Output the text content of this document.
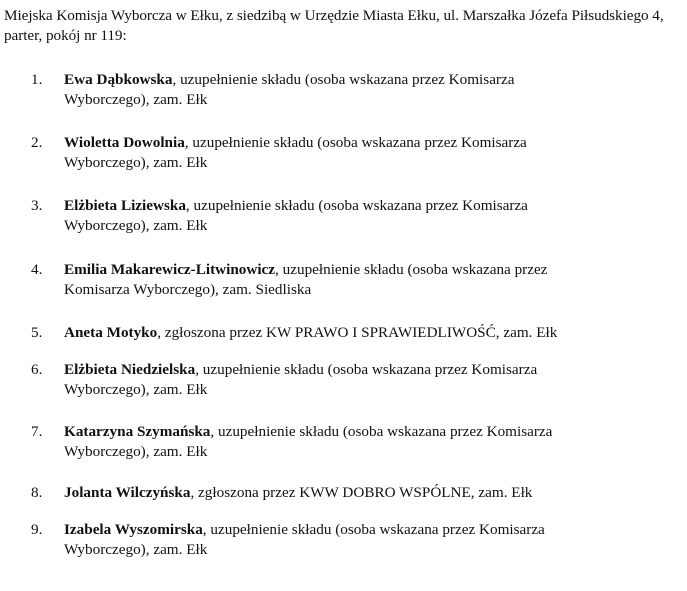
Miejska Komisja Wyborcza w Ełku, z siedzibą w Urzędzie Miasta Ełku, ul. Marszałka Józefa Piłsudskiego 4, parter, pokój nr 119:
1.	Ewa Dąbkowska, uzupełnienie składu (osoba wskazana przez Komisarza
Wyborczego), zam. Ełk
2.	Wioletta Dowolnia, uzupełnienie składu (osoba wskazana przez Komisarza
Wyborczego), zam. Ełk
3.	Elżbieta Liziewska, uzupełnienie składu (osoba wskazana przez Komisarza
Wyborczego), zam. Ełk
4.	Emilia Makarewicz-Litwinowicz, uzupełnienie składu (osoba wskazana przez
Komisarza Wyborczego), zam. Siedliska
5.	Aneta Motyko, zgłoszona przez KW PRAWO I SPRAWIEDLIWOŚĆ, zam. Ełk
6.	Elżbieta Niedzielska, uzupełnienie składu (osoba wskazana przez Komisarza
Wyborczego), zam. Ełk
7.	Katarzyna Szymańska, uzupełnienie składu (osoba wskazana przez Komisarza
Wyborczego), zam. Ełk
8.	Jolanta Wilczyńska, zgłoszona przez KWW DOBRO WSPÓLNE, zam. Ełk
9.	Izabela Wyszomirska, uzupełnienie składu (osoba wskazana przez Komisarza
Wyborczego), zam. Ełk
